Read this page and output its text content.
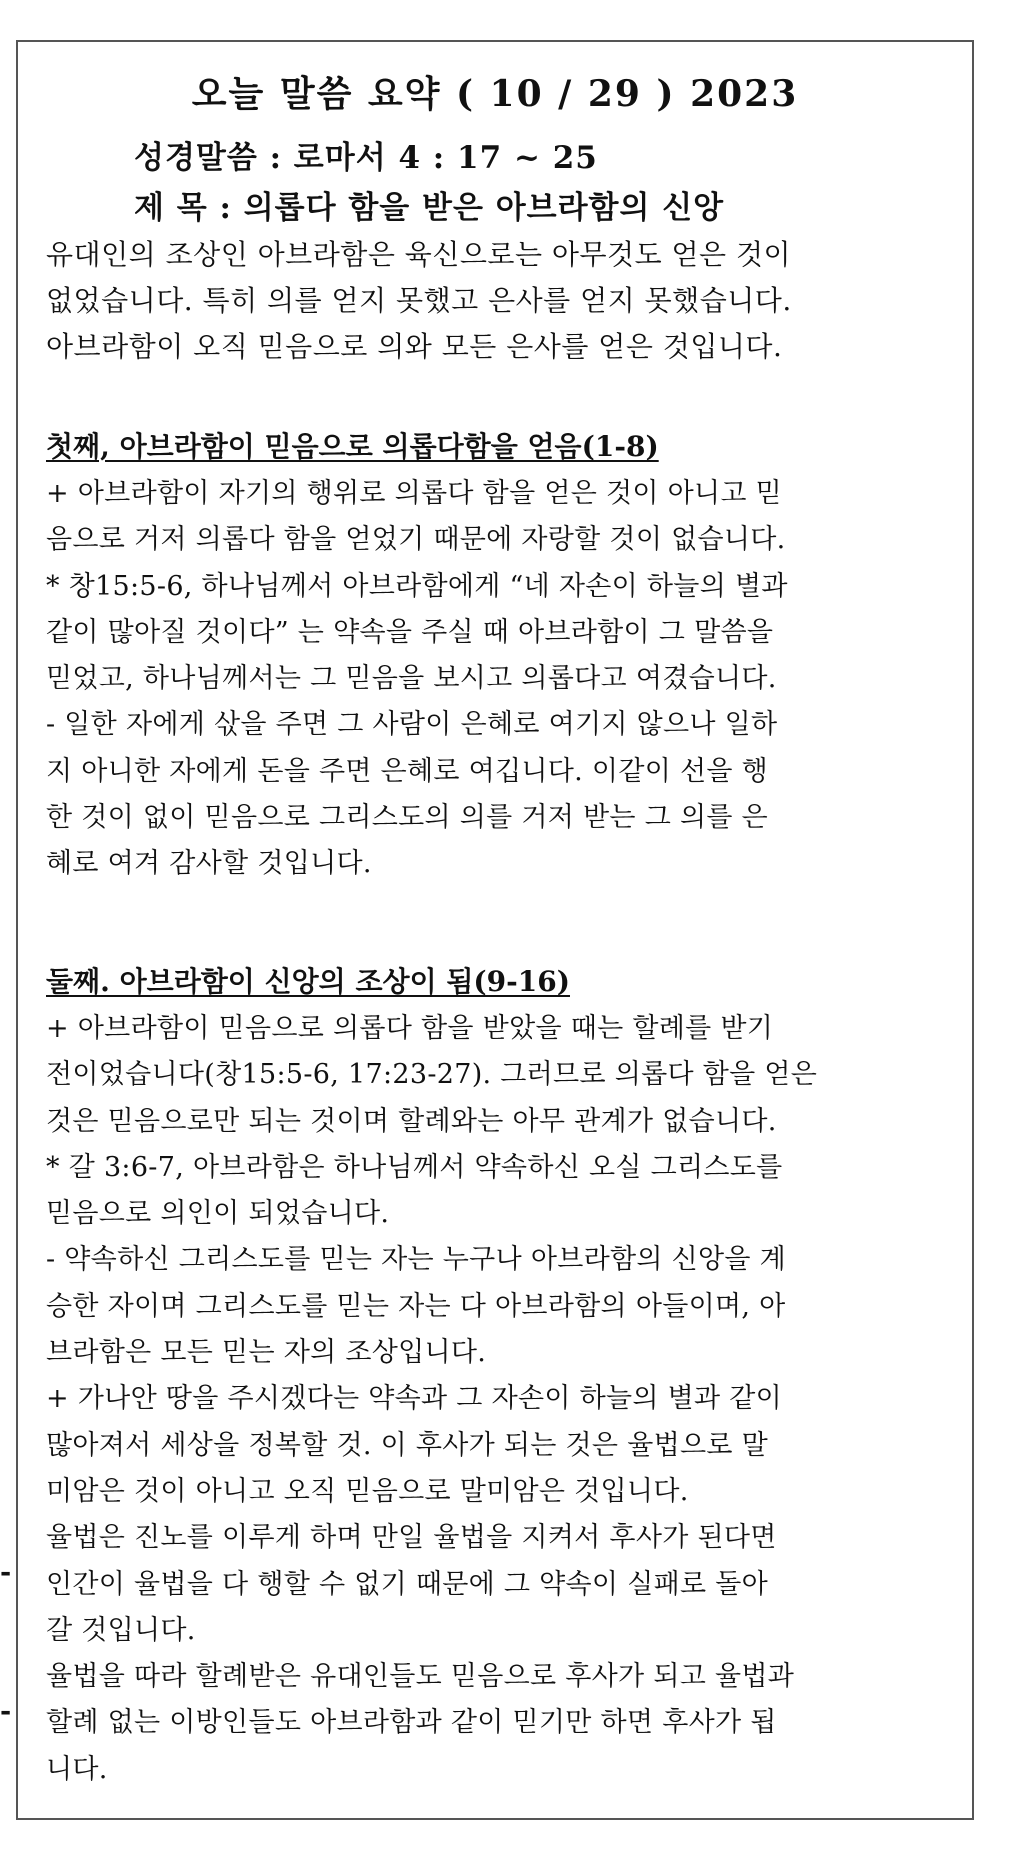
오늘 말씀 요약 ( 10 / 29 ) 2023
성경말씀 : 로마서 4 : 17 ~ 25
제 목 : 의롭다 함을 받은 아브라함의 신앙
유대인의 조상인 아브라함은 육신으로는 아무것도 얻은 것이
없었습니다. 특히 의를 얻지 못했고 은사를 얻지 못했습니다.
아브라함이 오직 믿음으로 의와 모든 은사를 얻은 것입니다.
첫째, 아브라함이 믿음으로 의롭다함을 얻음(1-8)
+ 아브라함이 자기의 행위로 의롭다 함을 얻은 것이 아니고 믿
음으로 거저 의롭다 함을 얻었기 때문에 자랑할 것이 없습니다.
* 창15:5-6, 하나님께서 아브라함에게 “네 자손이 하늘의 별과
같이 많아질 것이다” 는 약속을 주실 때 아브라함이 그 말씀을
믿었고, 하나님께서는 그 믿음을 보시고 의롭다고 여겼습니다.
- 일한 자에게 삯을 주면 그 사람이 은혜로 여기지 않으나 일하
지 아니한 자에게 돈을 주면 은혜로 여깁니다. 이같이 선을 행
한 것이 없이 믿음으로 그리스도의 의를 거저 받는 그 의를 은
혜로 여겨 감사할 것입니다.
둘째. 아브라함이 신앙의 조상이 됨(9-16)
+ 아브라함이 믿음으로 의롭다 함을 받았을 때는 할례를 받기
전이었습니다(창15:5-6, 17:23-27). 그러므로 의롭다 함을 얻은
것은 믿음으로만 되는 것이며 할례와는 아무 관계가 없습니다.
* 갈 3:6-7, 아브라함은 하나님께서 약속하신 오실 그리스도를
믿음으로 의인이 되었습니다.
- 약속하신 그리스도를 믿는 자는 누구나 아브라함의 신앙을 계
승한 자이며 그리스도를 믿는 자는 다 아브라함의 아들이며, 아
브라함은 모든 믿는 자의 조상입니다.
+ 가나안 땅을 주시겠다는 약속과 그 자손이 하늘의 별과 같이
많아져서 세상을 정복할 것. 이 후사가 되는 것은 율법으로 말
미암은 것이 아니고 오직 믿음으로 말미암은 것입니다.
율법은 진노를 이루게 하며 만일 율법을 지켜서 후사가 된다면
인간이 율법을 다 행할 수 없기 때문에 그 약속이 실패로 돌아
갈 것입니다.
율법을 따라 할례받은 유대인들도 믿음으로 후사가 되고 율법과
할례 없는 이방인들도 아브라함과 같이 믿기만 하면 후사가 됩
니다.
-
-
